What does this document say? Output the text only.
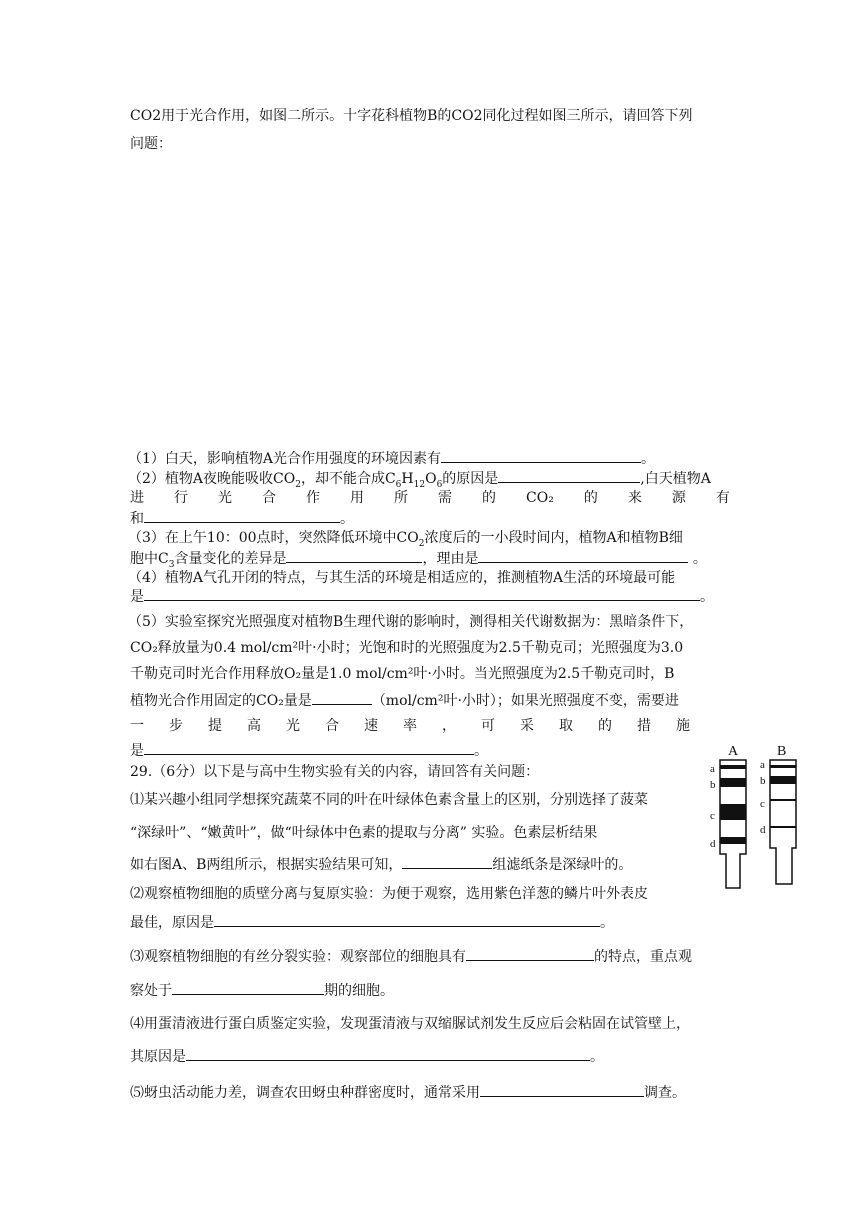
CO2用于光合作用，如图二所示。十字花科植物B的CO2同化过程如图三所示，请回答下列
问题：
（1）白天，影响植物A光合作用强度的环境因素有	。
（2）植物A夜晚能吸收$CO_2$，却不能合成$C_6H_{12}O_6$的原因是	,白天植物A
进 行 光 合 作 用 所 需 的 CO₂ 的 来 源 有
和	。
（3）在上午10：00点时，突然降低环境中$CO_2$浓度后的一小段时间内，植物A和植物B细
胞中$C_3$含量变化的差异是	，理由是	。
（4）植物A气孔开闭的特点，与其生活的环境是相适应的，推测植物A生活的环境最可能
是	。
（5）实验室探究光照强度对植物B生理代谢的影响时，测得相关代谢数据为：黑暗条件下，
CO₂释放量为0.4 mol/cm²叶·小时；光饱和时的光照强度为2.5千勒克司；光照强度为3.0
千勒克司时光合作用释放O₂量是1.0 mol/cm²叶·小时。当光照强度为2.5千勒克司时，B
植物光合作用固定的CO₂量是	（mol/cm²叶·小时）；如果光照强度不变，需要进
一 步 提 高 光 合 速 率 ， 可 采 取 的 措 施
是	。
29.（6分）以下是与高中生物实验有关的内容，请回答有关问题：
⑴某兴趣小组同学想探究蔬菜不同的叶在叶绿体色素含量上的区别，分别选择了菠菜
“深绿叶”、“嫩黄叶”，做“叶绿体中色素的提取与分离” 实验。色素层析结果
如右图A、B两组所示，根据实验结果可知，	组滤纸条是深绿叶的。
⑵观察植物细胞的质壁分离与复原实验：为便于观察，选用紫色洋葱的鳞片叶外表皮
最佳，原因是	。
⑶观察植物细胞的有丝分裂实验：观察部位的细胞具有	的特点，重点观
察处于	期的细胞。
⑷用蛋清液进行蛋白质鉴定实验，发现蛋清液与双缩脲试剂发生反应后会粘固在试管壁上，
其原因是	。
⑸蚜虫活动能力差，调查农田蚜虫种群密度时，通常采用	调查。
A	B
a
b
c
d
a
b
c
d
